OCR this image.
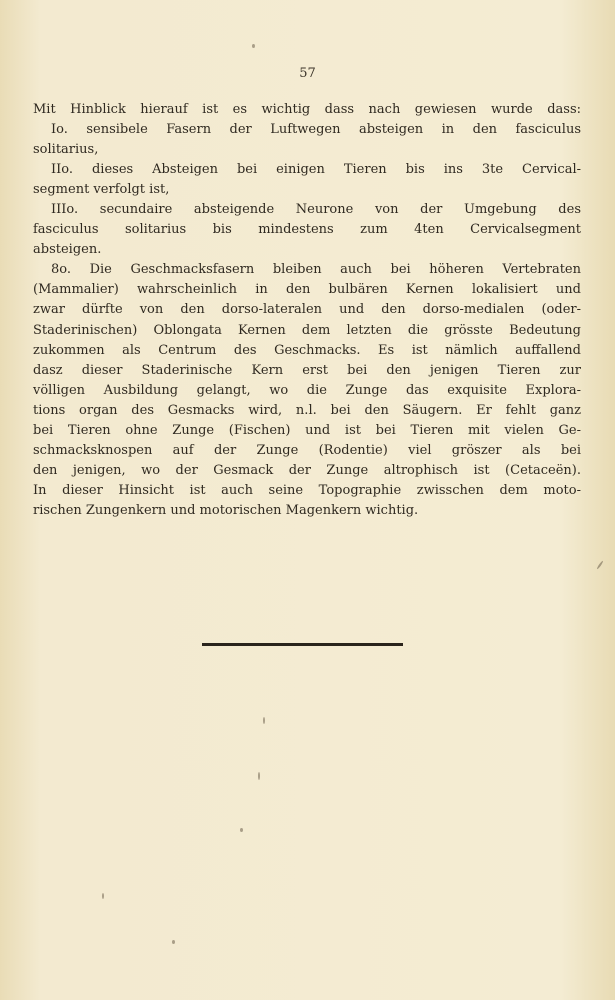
57
Mit Hinblick hierauf ist es wichtig dass nach gewiesen wurde dass:
Io. sensibele Fasern der Luftwegen absteigen in den fasciculus
solitarius,
IIo. dieses Absteigen bei einigen Tieren bis ins 3te Cervical-
segment verfolgt ist,
IIIo. secundaire absteigende Neurone von der Umgebung des
fasciculus solitarius bis mindestens zum 4ten Cervicalsegment
absteigen.
8o. Die Geschmacksfasern bleiben auch bei höheren Vertebraten
(Mammalier) wahrscheinlich in den bulbären Kernen lokalisiert und
zwar dürfte von den dorso-lateralen und den dorso-medialen (oder-
Staderinischen) Oblongata Kernen dem letzten die grösste Bedeutung
zukommen als Centrum des Geschmacks. Es ist nämlich auffallend
dasz dieser Staderinische Kern erst bei den jenigen Tieren zur
völligen Ausbildung gelangt, wo die Zunge das exquisite Explora-
tions organ des Gesmacks wird, n.l. bei den Säugern. Er fehlt ganz
bei Tieren ohne Zunge (Fischen) und ist bei Tieren mit vielen Ge-
schmacksknospen auf der Zunge (Rodentie) viel gröszer als bei
den jenigen, wo der Gesmack der Zunge altrophisch ist (Cetaceën).
In dieser Hinsicht ist auch seine Topographie zwisschen dem moto-
rischen Zungenkern und motorischen Magenkern wichtig.
